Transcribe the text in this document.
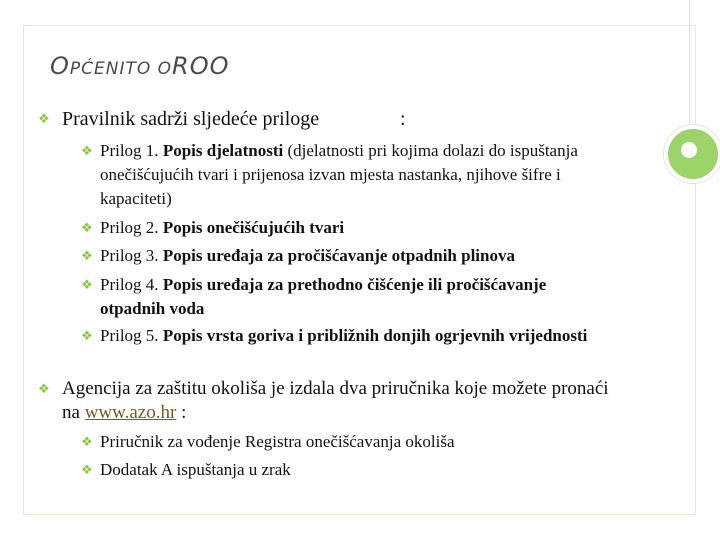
OPĆENITO OROO
❖ Pravilnik sadrži sljedeće priloge	:
❖ Prilog 1. Popis djelatnosti (djelatnosti pri kojima dolazi do ispuštanja onečišćujućih tvari i prijenosa izvan mjesta nastanka, njihove šifre i kapaciteti)
❖ Prilog 2. Popis onečišćujućih tvari
❖ Prilog 3. Popis uređaja za pročišćavanje otpadnih plinova
❖ Prilog 4. Popis uređaja za prethodno čišćenje ili pročišćavanje otpadnih voda
❖ Prilog 5. Popis vrsta goriva i približnih donjih ogrjevnih vrijednosti
❖ Agencija za zaštitu okoliša je izdala dva priručnika koje možete pronaći na www.azo.hr :
❖ Priručnik za vođenje Registra onečišćavanja okoliša
❖ Dodatak A ispuštanja u zrak
